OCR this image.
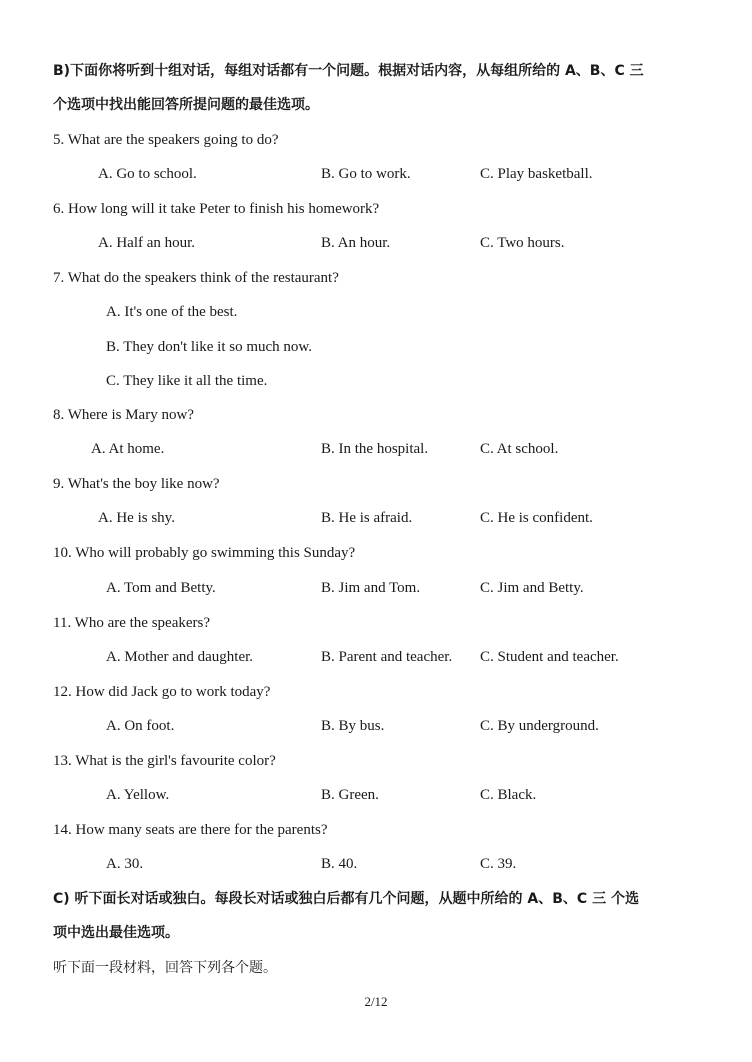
B)下面你将听到十组对话，每组对话都有一个问题。根据对话内容，从每组所给的 A、B、C 三
个选项中找出能回答所提问题的最佳选项。
5. What are the speakers going to do?
A. Go to school.	B. Go to work.	C. Play basketball.
6. How long will it take Peter to finish his homework?
A. Half an hour.	B. An hour.	C. Two hours.
7. What do the speakers think of the restaurant?
A. It's one of the best.
B. They don't like it so much now.
C. They like it all the time.
8. Where is Mary now?
A. At home.	B. In the hospital.	C. At school.
9. What's the boy like now?
A. He is shy.	B. He is afraid.	C. He is confident.
10. Who will probably go swimming this Sunday?
A. Tom and Betty.	B. Jim and Tom.	C. Jim and Betty.
11. Who are the speakers?
A. Mother and daughter.	B. Parent and teacher. C. Student and teacher.
12. How did Jack go to work today?
A. On foot.	B. By bus.	C. By underground.
13. What is the girl's favourite color?
A. Yellow.	B. Green.	C. Black.
14. How many seats are there for the parents?
A. 30.	B. 40.	C. 39.
C) 听下面长对话或独白。每段长对话或独白后都有几个问题，从题中所给的 A、B、C 三 个选
项中选出最佳选项。
听下面一段材料，回答下列各个题。
2/12
